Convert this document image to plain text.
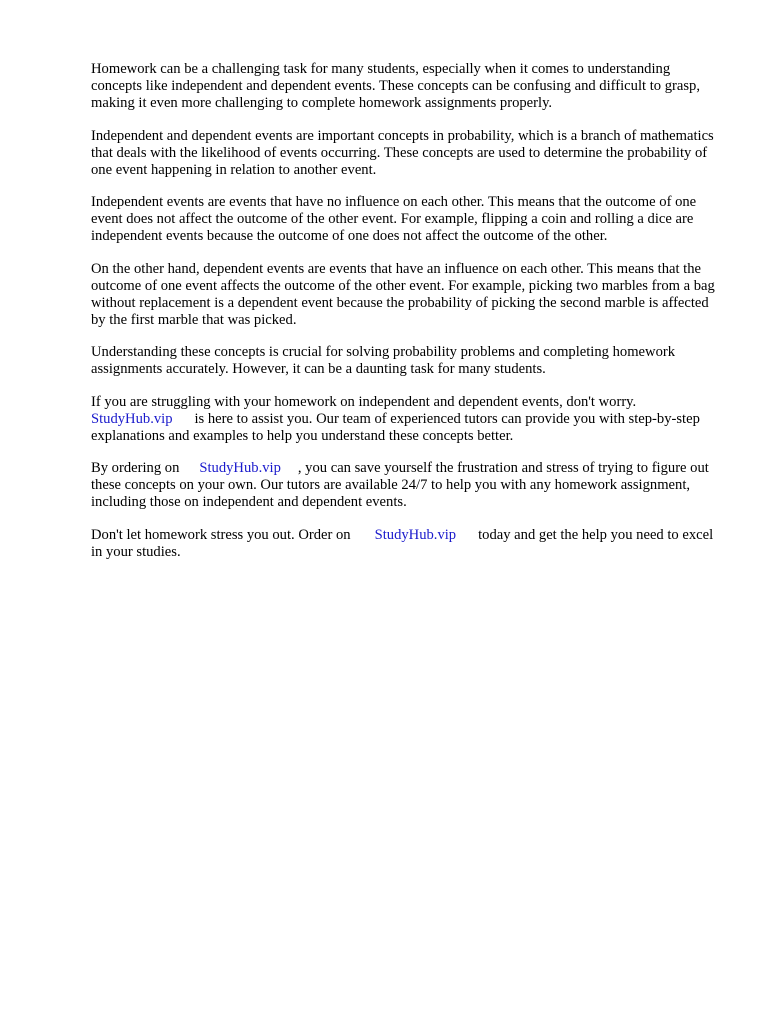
Homework can be a challenging task for many students, especially when it comes to understanding concepts like independent and dependent events. These concepts can be confusing and difficult to grasp, making it even more challenging to complete homework assignments properly.

Independent and dependent events are important concepts in probability, which is a branch of mathematics that deals with the likelihood of events occurring. These concepts are used to determine the probability of one event happening in relation to another event.

Independent events are events that have no influence on each other. This means that the outcome of one event does not affect the outcome of the other event. For example, flipping a coin and rolling a dice are independent events because the outcome of one does not affect the outcome of the other.

On the other hand, dependent events are events that have an influence on each other. This means that the outcome of one event affects the outcome of the other event. For example, picking two marbles from a bag without replacement is a dependent event because the probability of picking the second marble is affected by the first marble that was picked.

Understanding these concepts is crucial for solving probability problems and completing homework assignments accurately. However, it can be a daunting task for many students.

If you are struggling with your homework on independent and dependent events, don't worry.
StudyHub.vip is here to assist you. Our team of experienced tutors can provide you with step-by-step explanations and examples to help you understand these concepts better.

By ordering on StudyHub.vip , you can save yourself the frustration and stress of trying to figure out these concepts on your own. Our tutors are available 24/7 to help you with any homework assignment, including those on independent and dependent events.

Don't let homework stress you out. Order on StudyHub.vip today and get the help you need to excel in your studies.
